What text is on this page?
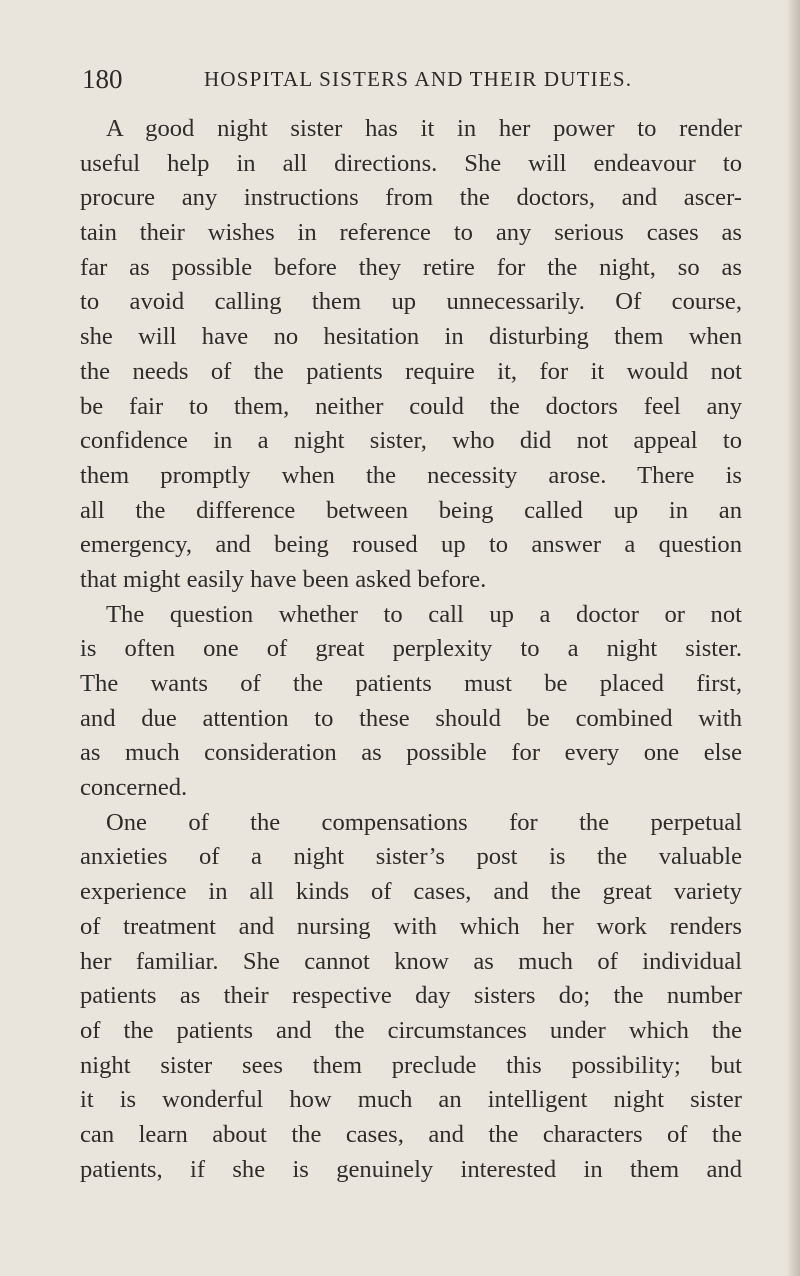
180	HOSPITAL SISTERS AND THEIR DUTIES.
A good night sister has it in her power to render
useful help in all directions. She will endeavour to
procure any instructions from the doctors, and ascer-
tain their wishes in reference to any serious cases as
far as possible before they retire for the night, so as
to avoid calling them up unnecessarily. Of course,
she will have no hesitation in disturbing them when
the needs of the patients require it, for it would not
be fair to them, neither could the doctors feel any
confidence in a night sister, who did not appeal to
them promptly when the necessity arose. There is
all the difference between being called up in an
emergency, and being roused up to answer a question
that might easily have been asked before.
The question whether to call up a doctor or not
is often one of great perplexity to a night sister.
The wants of the patients must be placed first,
and due attention to these should be combined with
as much consideration as possible for every one else
concerned.
One of the compensations for the perpetual
anxieties of a night sister’s post is the valuable
experience in all kinds of cases, and the great variety
of treatment and nursing with which her work renders
her familiar. She cannot know as much of individual
patients as their respective day sisters do; the number
of the patients and the circumstances under which the
night sister sees them preclude this possibility; but
it is wonderful how much an intelligent night sister
can learn about the cases, and the characters of the
patients, if she is genuinely interested in them and
